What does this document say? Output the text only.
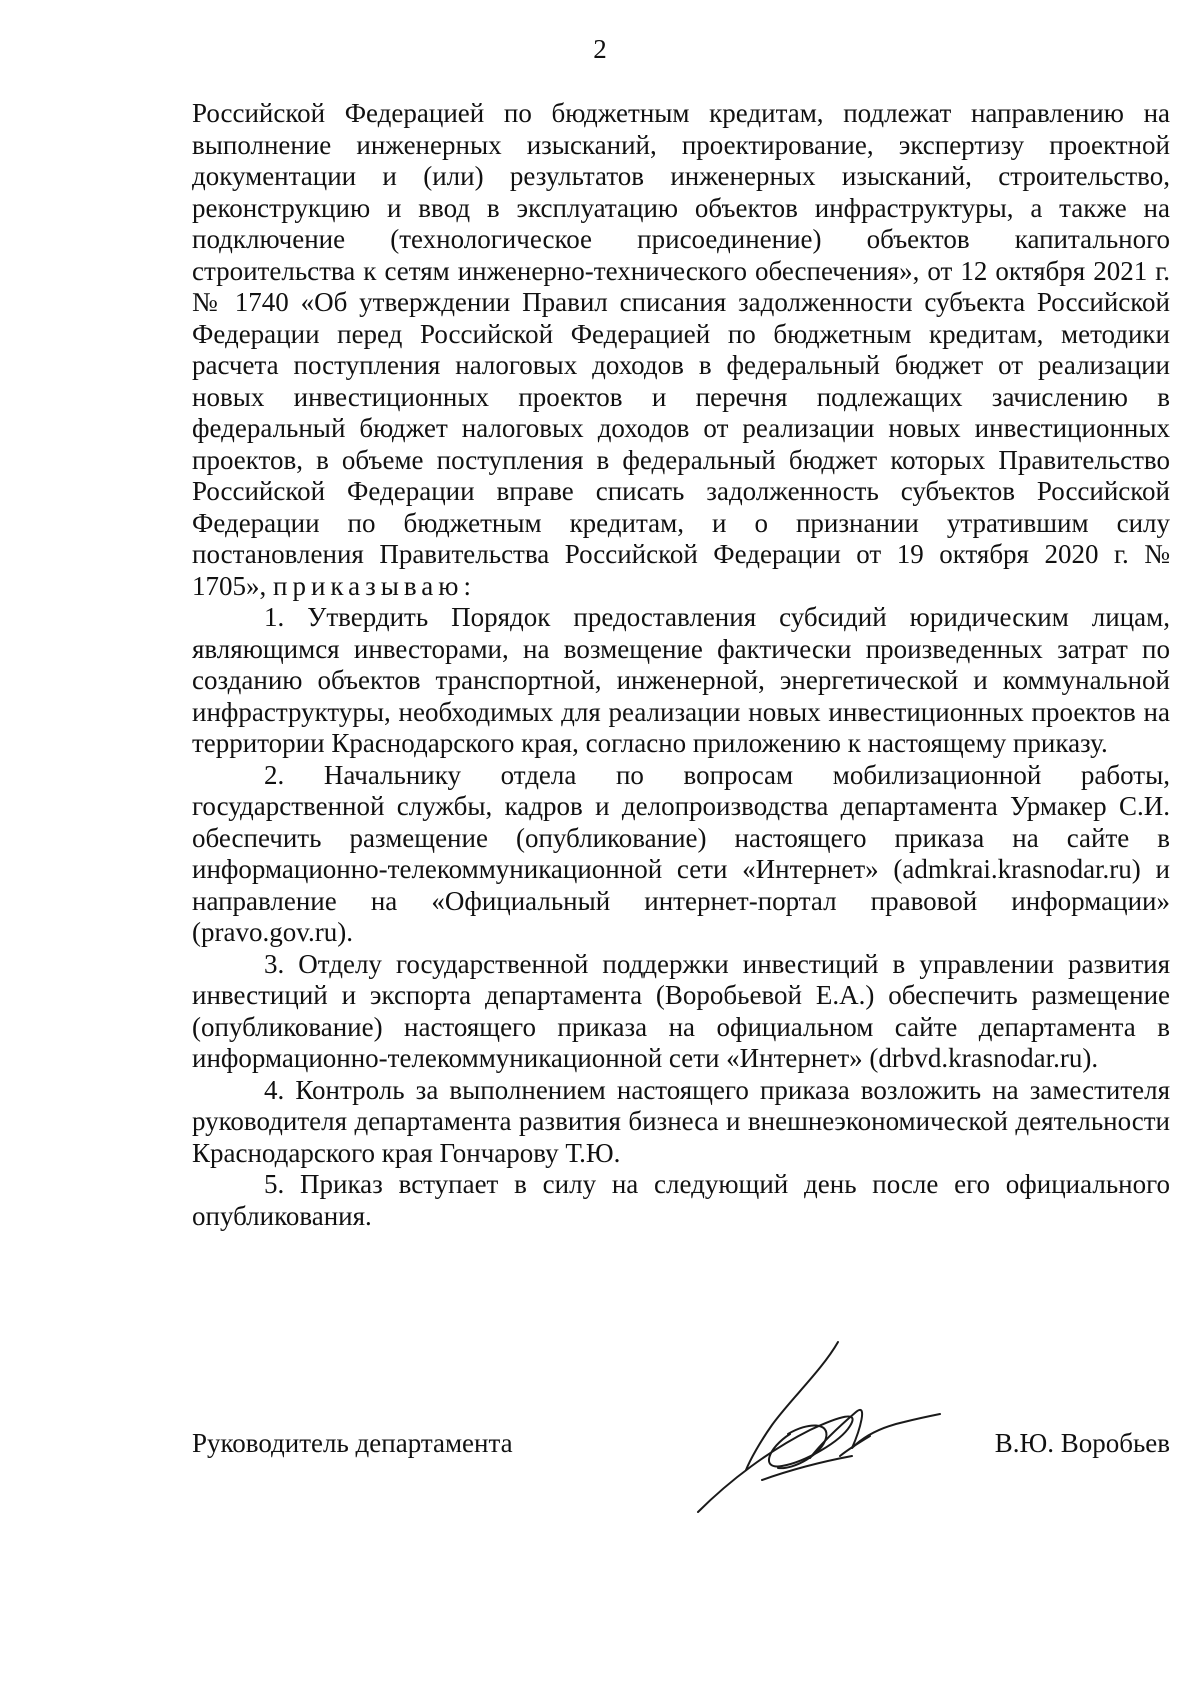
2

Российской Федерацией по бюджетным кредитам, подлежат направлению на выполнение инженерных изысканий, проектирование, экспертизу проектной документации и (или) результатов инженерных изысканий, строительство, реконструкцию и ввод в эксплуатацию объектов инфраструктуры, а также на подключение (технологическое присоединение) объектов капитального строительства к сетям инженерно-технического обеспечения», от 12 октября 2021 г. № 1740 «Об утверждении Правил списания задолженности субъекта Российской Федерации перед Российской Федерацией по бюджетным кредитам, методики расчета поступления налоговых доходов в федеральный бюджет от реализации новых инвестиционных проектов и перечня подлежащих зачислению в федеральный бюджет налоговых доходов от реализации новых инвестиционных проектов, в объеме поступления в федеральный бюджет которых Правительство Российской Федерации вправе списать задолженность субъектов Российской Федерации по бюджетным кредитам, и о признании утратившим силу постановления Правительства Российской Федерации от 19 октября 2020 г. № 1705», приказываю:

1. Утвердить Порядок предоставления субсидий юридическим лицам, являющимся инвесторами, на возмещение фактически произведенных затрат по созданию объектов транспортной, инженерной, энергетической и коммунальной инфраструктуры, необходимых для реализации новых инвестиционных проектов на территории Краснодарского края, согласно приложению к настоящему приказу.

2. Начальнику отдела по вопросам мобилизационной работы, государственной службы, кадров и делопроизводства департамента Урмакер С.И. обеспечить размещение (опубликование) настоящего приказа на сайте в информационно-телекоммуникационной сети «Интернет» (admkrai.krasnodar.ru) и направление на «Официальный интернет-портал правовой информации» (pravo.gov.ru).

3. Отделу государственной поддержки инвестиций в управлении развития инвестиций и экспорта департамента (Воробьевой Е.А.) обеспечить размещение (опубликование) настоящего приказа на официальном сайте департамента в информационно-телекоммуникационной сети «Интернет» (drbvd.krasnodar.ru).

4. Контроль за выполнением настоящего приказа возложить на заместителя руководителя департамента развития бизнеса и внешнеэкономической деятельности Краснодарского края Гончарову Т.Ю.

5. Приказ вступает в силу на следующий день после его официального опубликования.

Руководитель департамента	В.Ю. Воробьев
